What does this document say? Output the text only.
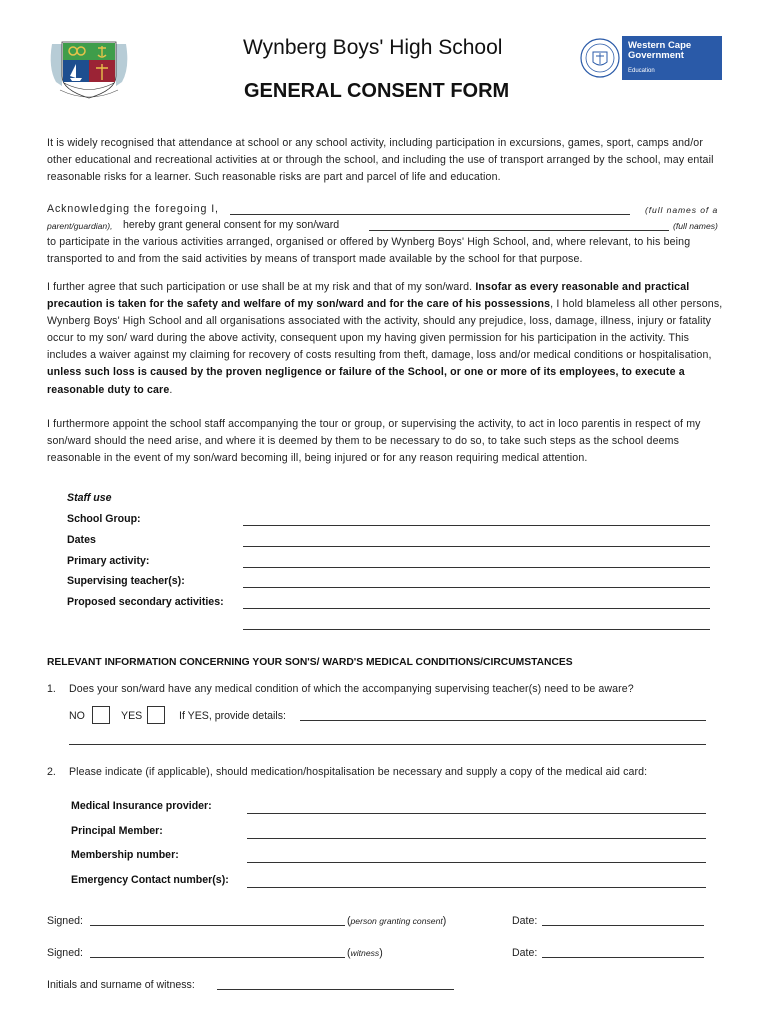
Wynberg Boys' High School
GENERAL CONSENT FORM
Western Cape
Government
Education
It is widely recognised that attendance at school or any school activity, including participation in excursions, games, sport, camps and/or other educational and recreational activities at or through the school, and including the use of transport arranged by the school, may entail reasonable risks for a learner. Such reasonable risks are part and parcel of life and education.
Acknowledging the foregoing I,	(full names of a
parent/guardian), hereby grant general consent for my son/ward	(full names)
to participate in the various activities arranged, organised or offered by Wynberg Boys' High School, and, where relevant, to his being transported to and from the said activities by means of transport made available by the school for that purpose.
I further agree that such participation or use shall be at my risk and that of my son/ward. Insofar as every reasonable and practical precaution is taken for the safety and welfare of my son/ward and for the care of his possessions, I hold blameless all other persons, Wynberg Boys' High School and all organisations associated with the activity, should any prejudice, loss, damage, illness, injury or fatality occur to my son/ ward during the above activity, consequent upon my having given permission for his participation in the activity. This includes a waiver against my claiming for recovery of costs resulting from theft, damage, loss and/or medical conditions or hospitalisation, unless such loss is caused by the proven negligence or failure of the School, or one or more of its employees, to execute a reasonable duty to care.
I furthermore appoint the school staff accompanying the tour or group, or supervising the activity, to act in loco parentis in respect of my son/ward should the need arise, and where it is deemed by them to be necessary to do so, to take such steps as the school deems reasonable in the event of my son/ward becoming ill, being injured or for any reason requiring medical attention.
Staff use
School Group:
Dates
Primary activity:
Supervising teacher(s):
Proposed secondary activities:
RELEVANT INFORMATION CONCERNING YOUR SON'S/ WARD'S MEDICAL CONDITIONS/CIRCUMSTANCES
1. Does your son/ward have any medical condition of which the accompanying supervising teacher(s) need to be aware?
NO	YES	If YES, provide details:
2. Please indicate (if applicable), should medication/hospitalisation be necessary and supply a copy of the medical aid card:
Medical Insurance provider:
Principal Member:
Membership number:
Emergency Contact number(s):
Signed:	(person granting consent)	Date:
Signed:	(witness)	Date:
Initials and surname of witness:
